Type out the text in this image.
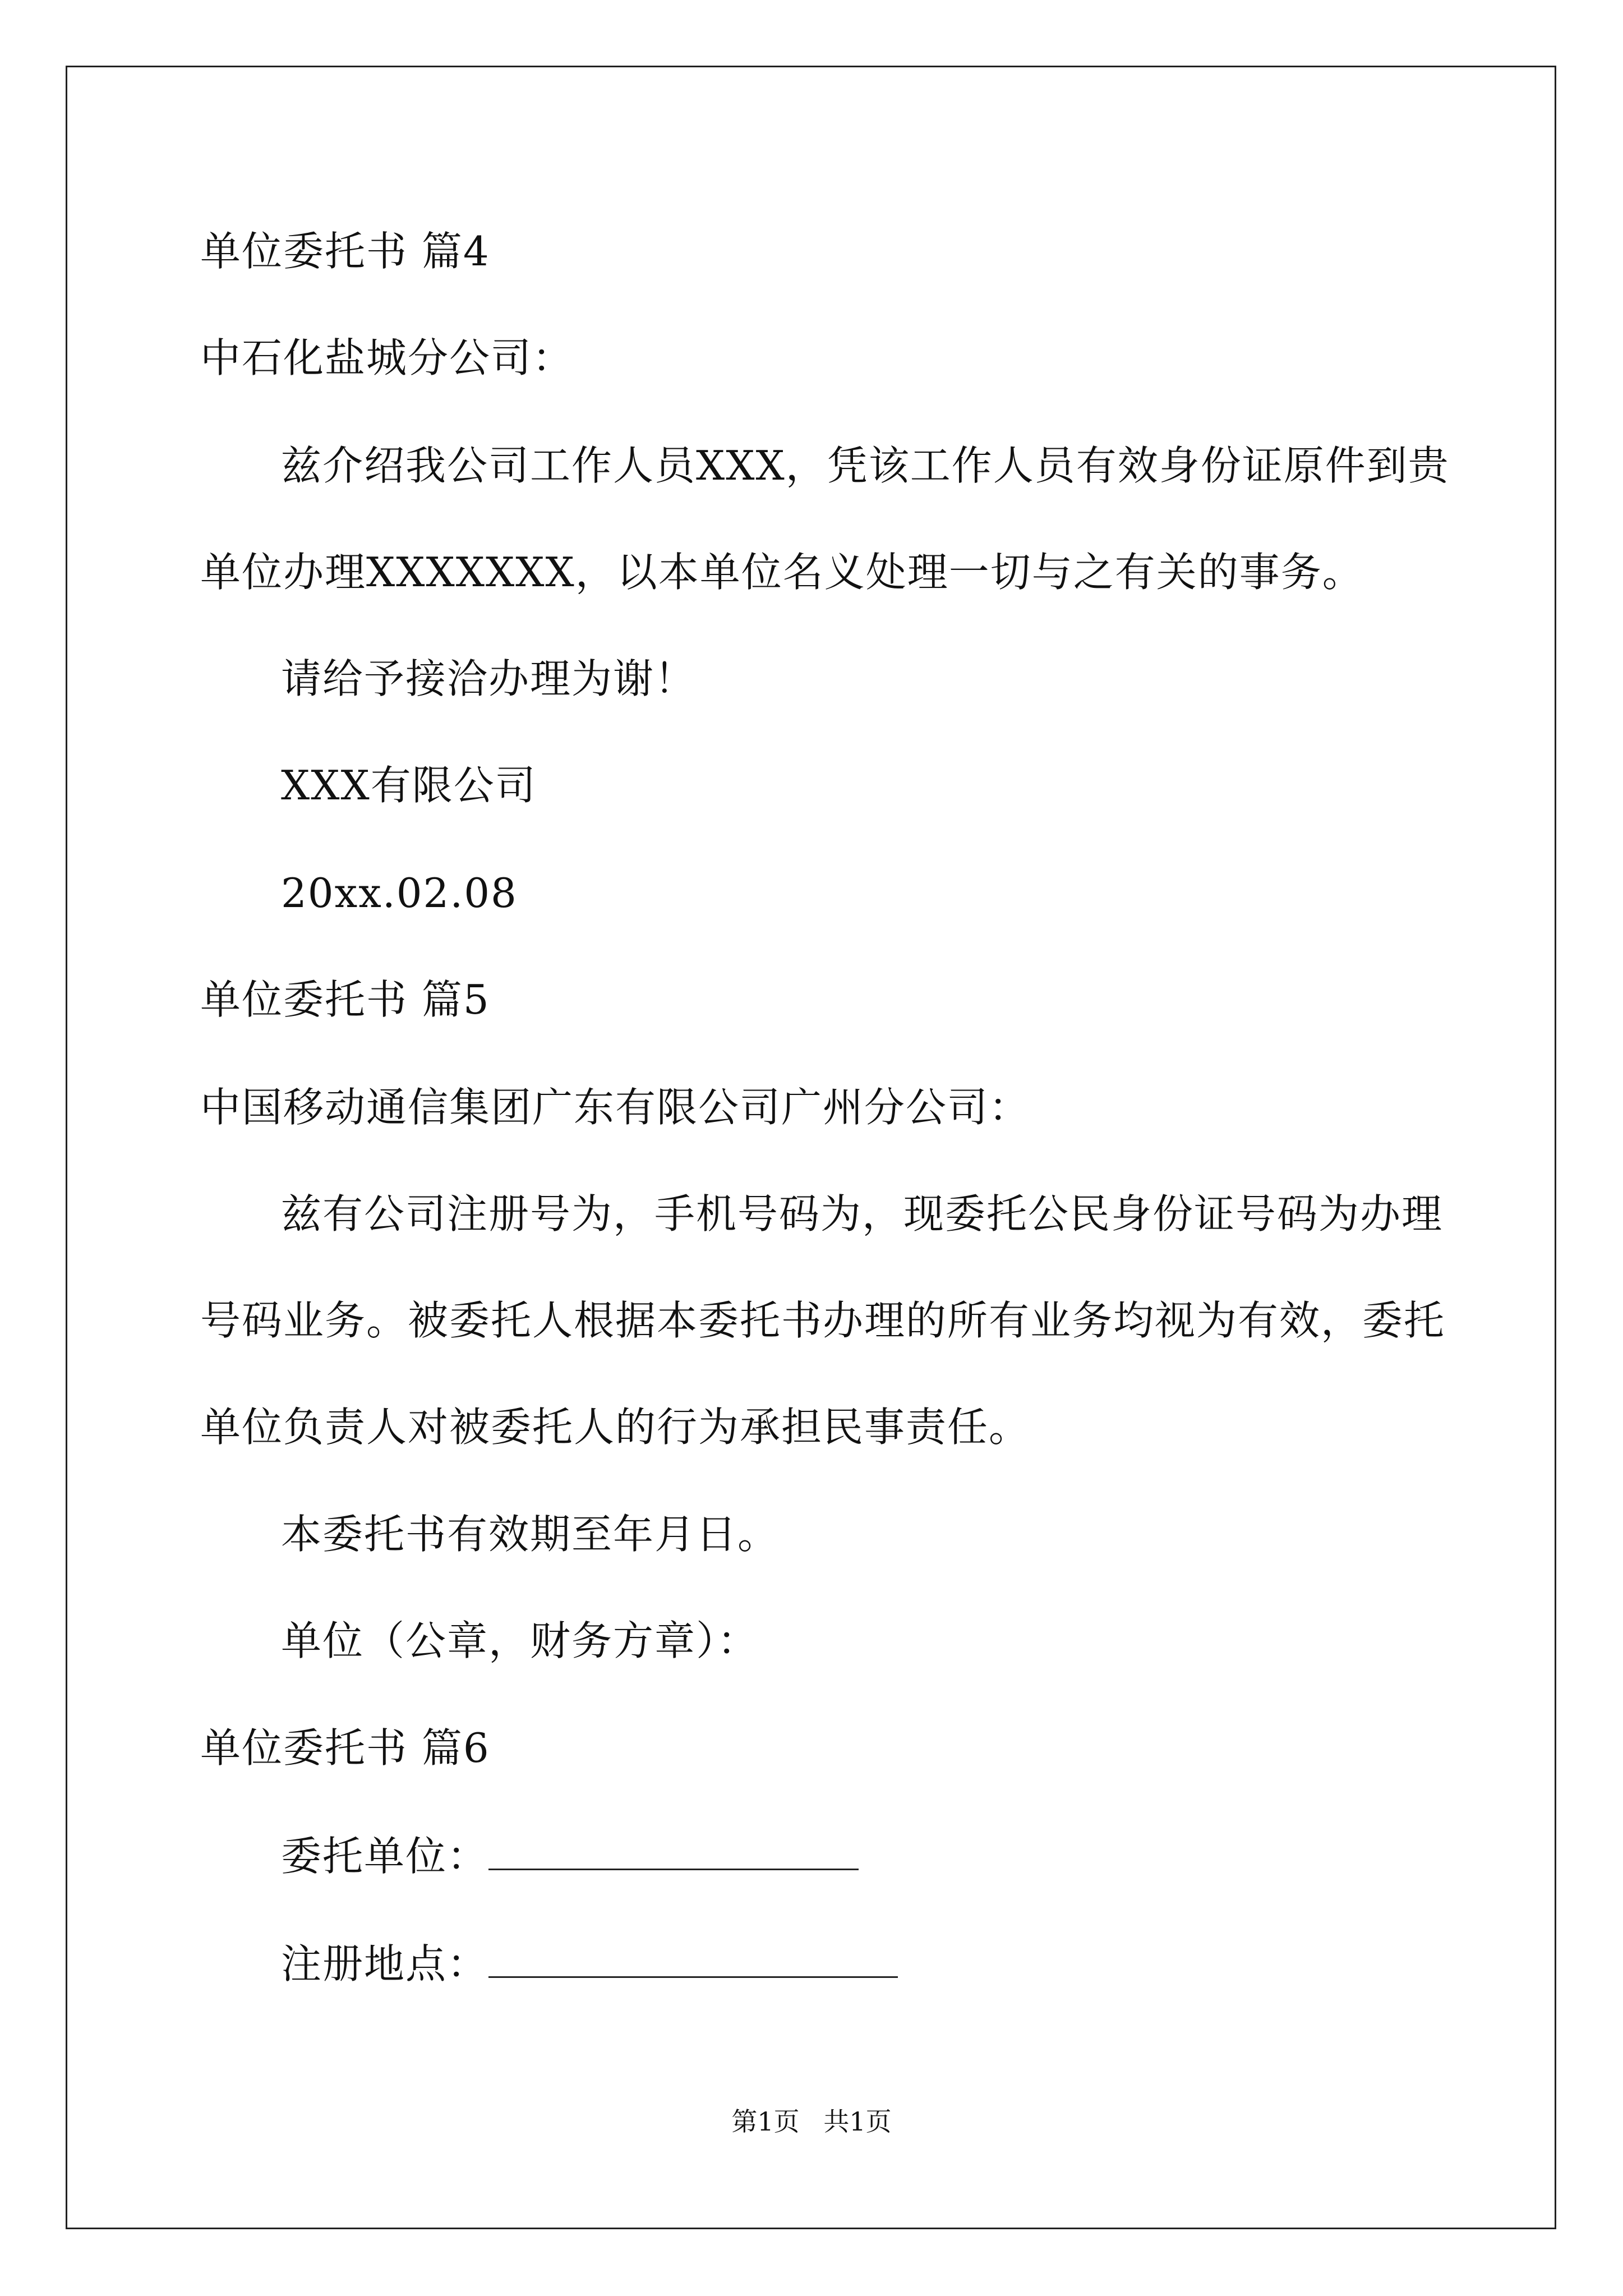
单位委托书 篇4
中石化盐城分公司：
兹介绍我公司工作人员XXX，凭该工作人员有效身份证原件到贵
单位办理XXXXXXX，以本单位名义处理一切与之有关的事务。
请给予接洽办理为谢！
XXX有限公司
20xx.02.08
单位委托书 篇5
中国移动通信集团广东有限公司广州分公司：
兹有公司注册号为，手机号码为，现委托公民身份证号码为办理
号码业务。被委托人根据本委托书办理的所有业务均视为有效，委托
单位负责人对被委托人的行为承担民事责任。
本委托书有效期至年月日。
单位（公章，财务方章）：
单位委托书 篇6
委托单位：
注册地点：
第1页 共1页
